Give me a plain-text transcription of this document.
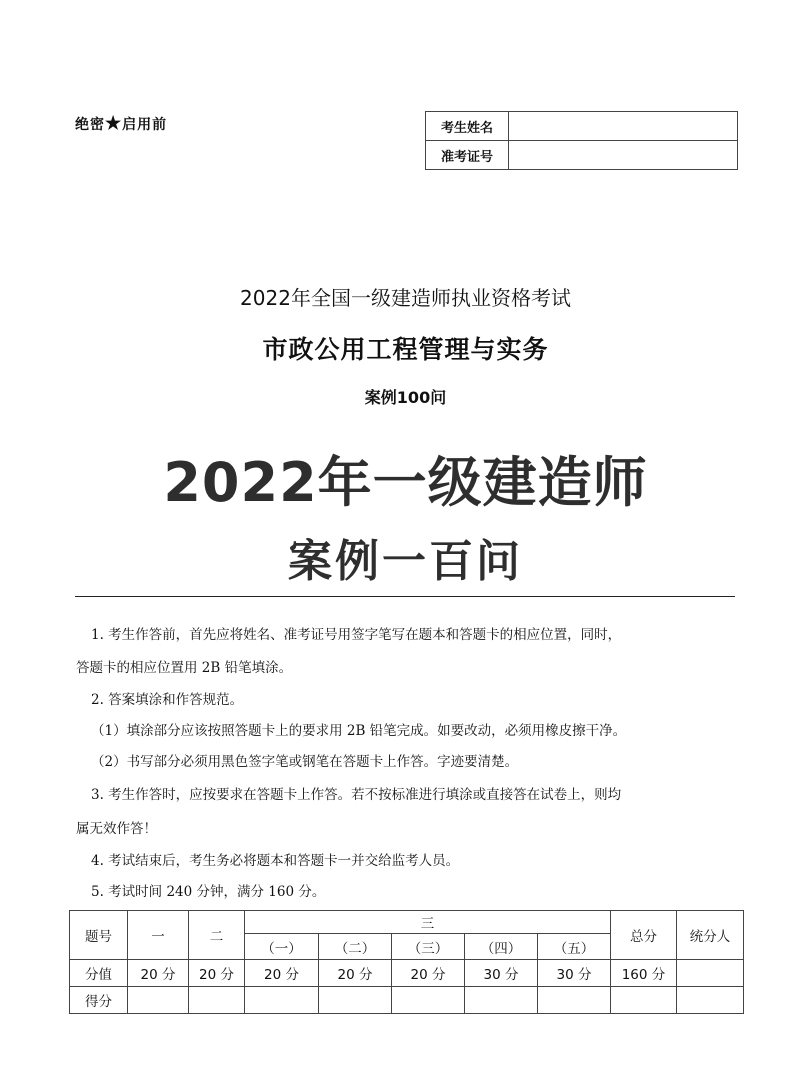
绝密★启用前	考生姓名	
准考证号	
2022年全国一级建造师执业资格考试
市政公用工程管理与实务
案例100问
2022年一级建造师
案例一百问
1. 考生作答前，首先应将姓名、准考证号用签字笔写在题本和答题卡的相应位置，同时，
答题卡的相应位置用 2B 铅笔填涂。
2. 答案填涂和作答规范。
（1）填涂部分应该按照答题卡上的要求用 2B 铅笔完成。如要改动，必须用橡皮擦干净。
（2）书写部分必须用黑色签字笔或钢笔在答题卡上作答。字迹要清楚。
3. 考生作答时，应按要求在答题卡上作答。若不按标准进行填涂或直接答在试卷上，则均
属无效作答！
4. 考试结束后，考生务必将题本和答题卡一并交给监考人员。
5. 考试时间 240 分钟，满分 160 分。
题号	一	二	三					总分	统分人
			（一）	（二）	（三）	（四）	（五）		
分值	20 分	20 分	20 分	20 分	20 分	30 分	30 分	160 分	
得分									
